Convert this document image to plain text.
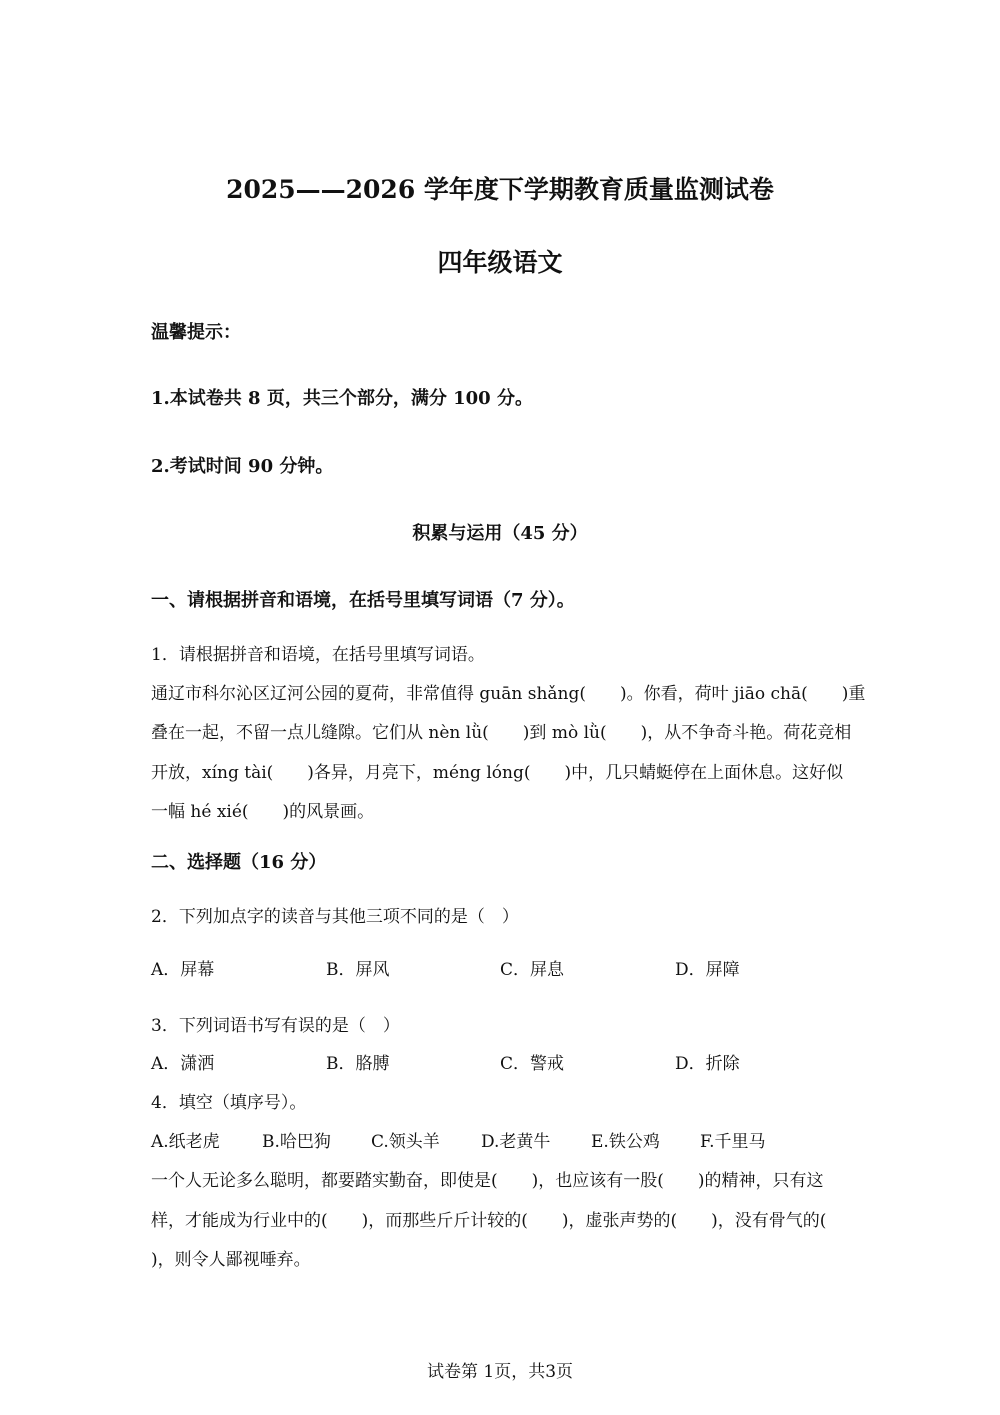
2025——2026 学年度下学期教育质量监测试卷
四年级语文
温馨提示：
1.本试卷共 8 页，共三个部分，满分 100 分。
2.考试时间 90 分钟。
积累与运用（45 分）
一、请根据拼音和语境，在括号里填写词语（7 分）。
1．请根据拼音和语境，在括号里填写词语。
通辽市科尔沁区辽河公园的夏荷，非常值得 guān shǎng( )。你看，荷叶 jiāo chā( )重
叠在一起，不留一点儿缝隙。它们从 nèn lǜ( )到 mò lǜ( )，从不争奇斗艳。荷花竞相
开放，xíng tài( )各异，月亮下，méng lóng( )中，几只蜻蜓停在上面休息。这好似
一幅 hé xié( )的风景画。
二、选择题（16 分）
2．下列加点字的读音与其他三项不同的是（　）
A．屏幕	B．屏风	C．屏息	D．屏障
3．下列词语书写有误的是（　）
A．潇洒	B．胳膊	C．警戒	D．折除
4．填空（填序号）。
A.纸老虎 B.哈巴狗 C.领头羊 D.老黄牛 E.铁公鸡 F.千里马
一个人无论多么聪明，都要踏实勤奋，即使是( )，也应该有一股( )的精神，只有这
样，才能成为行业中的( )，而那些斤斤计较的( )，虚张声势的( )，没有骨气的(
)，则令人鄙视唾弃。
试卷第 1页，共3页
